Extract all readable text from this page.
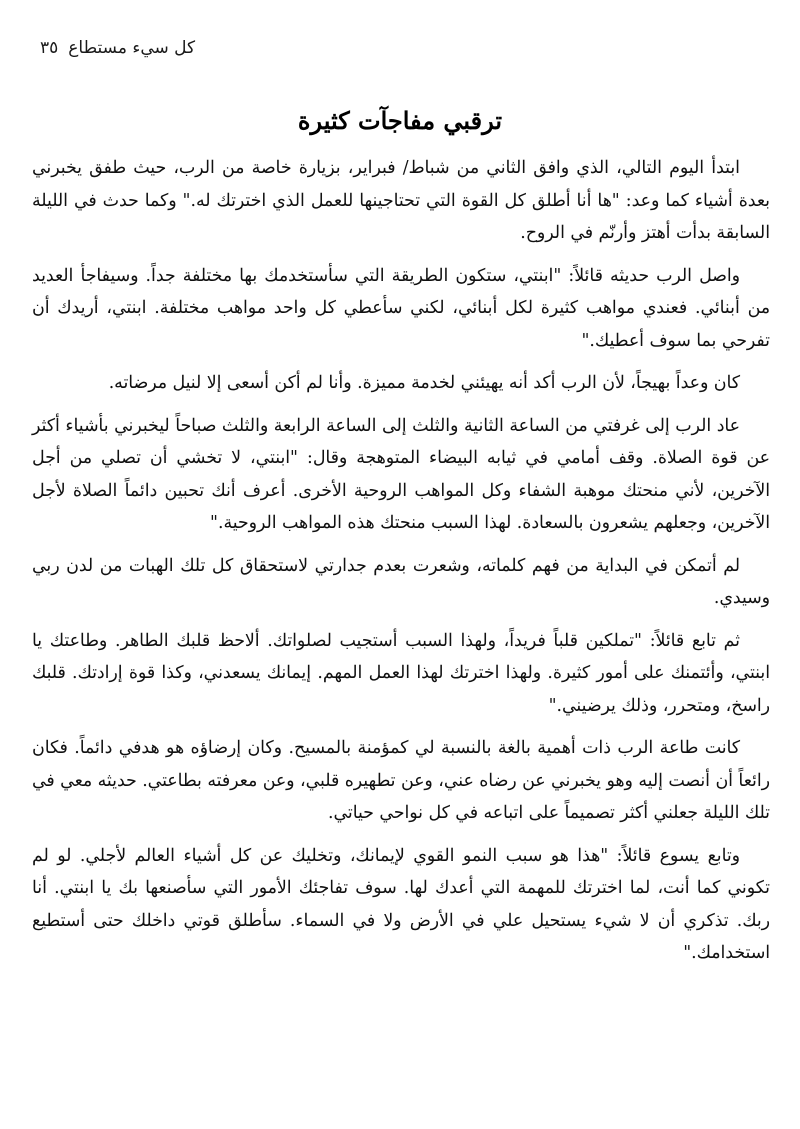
كل سيء مستطاع
٣٥
ترقبي مفاجآت كثيرة

ابتدأ اليوم التالي، الذي وافق الثاني من شباط/ فبراير، بزيارة خاصة من الرب، حيث طفق يخبرني بعدة أشياء كما وعد: "ها أنا أطلق كل القوة التي تحتاجينها للعمل الذي اخترتك له." وكما حدث في الليلة السابقة بدأت أهتز وأرنّم في الروح.

واصل الرب حديثه قائلاً: "ابنتي، ستكون الطريقة التي سأستخدمك بها مختلفة جداً. وسيفاجأ العديد من أبنائي. فعندي مواهب كثيرة لكل أبنائي، لكني سأعطي كل واحد مواهب مختلفة. ابنتي، أريدك أن تفرحي بما سوف أعطيك."

كان وعداً بهيجاً، لأن الرب أكد أنه يهيئني لخدمة مميزة. وأنا لم أكن أسعى إلا لنيل مرضاته.

عاد الرب إلى غرفتي من الساعة الثانية والثلث إلى الساعة الرابعة والثلث صباحاً ليخبرني بأشياء أكثر عن قوة الصلاة. وقف أمامي في ثيابه البيضاء المتوهجة وقال: "ابنتي، لا تخشي أن تصلي من أجل الآخرين، لأني منحتك موهبة الشفاء وكل المواهب الروحية الأخرى. أعرف أنك تحبين دائماً الصلاة لأجل الآخرين، وجعلهم يشعرون بالسعادة. لهذا السبب منحتك هذه المواهب الروحية."

لم أتمكن في البداية من فهم كلماته، وشعرت بعدم جدارتي لاستحقاق كل تلك الهبات من لدن ربي وسيدي.

ثم تابع قائلاً: "تملكين قلباً فريداً، ولهذا السبب أستجيب لصلواتك. ألاحظ قلبك الطاهر. وطاعتك يا ابنتي، وأئتمنك على أمور كثيرة. ولهذا اخترتك لهذا العمل المهم. إيمانك يسعدني، وكذا قوة إرادتك. قلبك راسخ، ومتحرر، وذلك يرضيني."

كانت طاعة الرب ذات أهمية بالغة بالنسبة لي كمؤمنة بالمسيح. وكان إرضاؤه هو هدفي دائماً. فكان رائعاً أن أنصت إليه وهو يخبرني عن رضاه عني، وعن تطهيره قلبي، وعن معرفته بطاعتي. حديثه معي في تلك الليلة جعلني أكثر تصميماً على اتباعه في كل نواحي حياتي.

وتابع يسوع قائلاً: "هذا هو سبب النمو القوي لإيمانك، وتخليك عن كل أشياء العالم لأجلي. لو لم تكوني كما أنت، لما اخترتك للمهمة التي أعدك لها. سوف تفاجئك الأمور التي سأصنعها بك يا ابنتي. أنا ربك. تذكري أن لا شيء يستحيل علي في الأرض ولا في السماء. سأطلق قوتي داخلك حتى أستطيع استخدامك."
